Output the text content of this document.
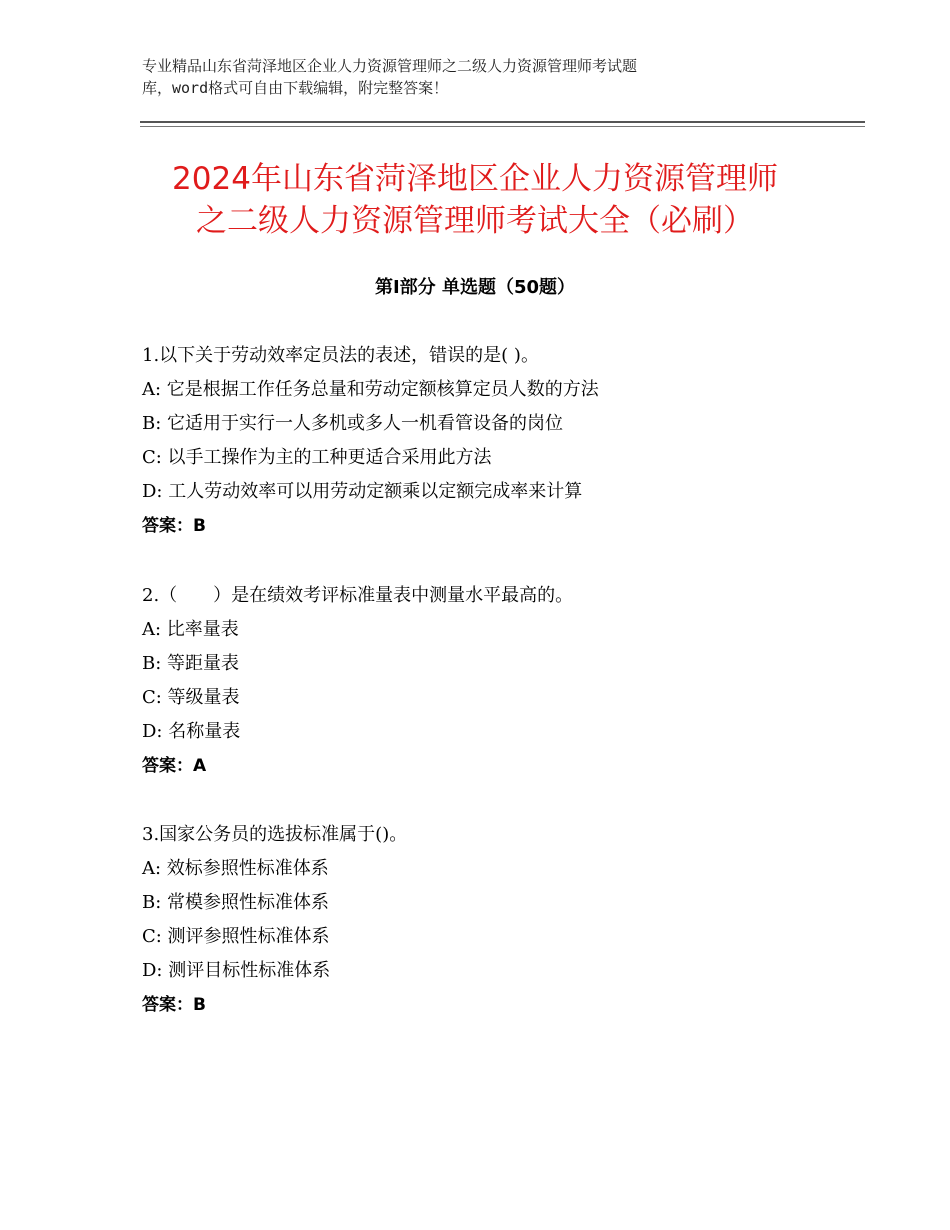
专业精品山东省菏泽地区企业人力资源管理师之二级人力资源管理师考试题
库，word格式可自由下载编辑，附完整答案！
2024年山东省菏泽地区企业人力资源管理师
之二级人力资源管理师考试大全（必刷）
第Ⅰ部分 单选题（50题）
1.以下关于劳动效率定员法的表述，错误的是( )。
A: 它是根据工作任务总量和劳动定额核算定员人数的方法
B: 它适用于实行一人多机或多人一机看管设备的岗位
C: 以手工操作为主的工种更适合采用此方法
D: 工人劳动效率可以用劳动定额乘以定额完成率来计算
答案：B
2.（　　）是在绩效考评标准量表中测量水平最高的。
A: 比率量表
B: 等距量表
C: 等级量表
D: 名称量表
答案：A
3.国家公务员的选拔标准属于()。
A: 效标参照性标准体系
B: 常模参照性标准体系
C: 测评参照性标准体系
D: 测评目标性标准体系
答案：B
